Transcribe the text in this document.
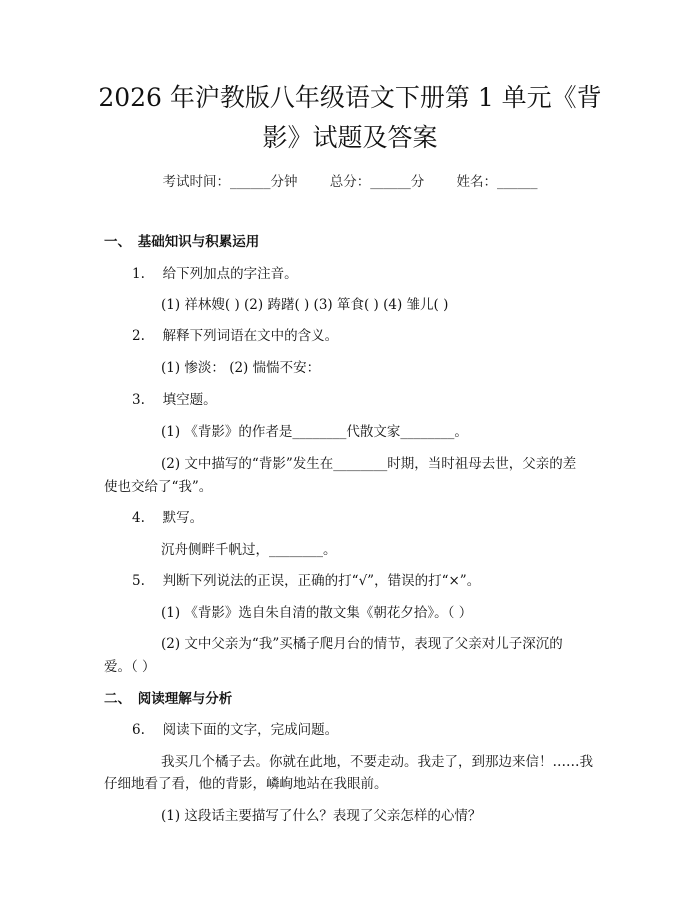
2026 年沪教版八年级语文下册第 1 单元《背
影》试题及答案
考试时间：______分钟 总分：______分 姓名：______
一、　基础知识与积累运用
1.　 给下列加点的字注音。
(1) 祥林嫂( ) (2) 踌躇( ) (3) 箪食( ) (4) 雏儿( )
2.　 解释下列词语在文中的含义。
(1) 惨淡： (2) 惴惴不安：
3.　 填空题。
(1) 《背影》的作者是________代散文家________。
(2) 文中描写的“背影”发生在________时期，当时祖母去世，父亲的差
使也交给了“我”。
4.　 默写。
沉舟侧畔千帆过，________。
5.　 判断下列说法的正误，正确的打“√”，错误的打“×”。
(1) 《背影》选自朱自清的散文集《朝花夕拾》。（ ）
(2) 文中父亲为“我”买橘子爬月台的情节，表现了父亲对儿子深沉的
爱。（ ）
二、　阅读理解与分析
6.　 阅读下面的文字，完成问题。
我买几个橘子去。你就在此地，不要走动。我走了，到那边来信！……我
仔细地看了看，他的背影，嶙峋地站在我眼前。
(1) 这段话主要描写了什么？表现了父亲怎样的心情？
